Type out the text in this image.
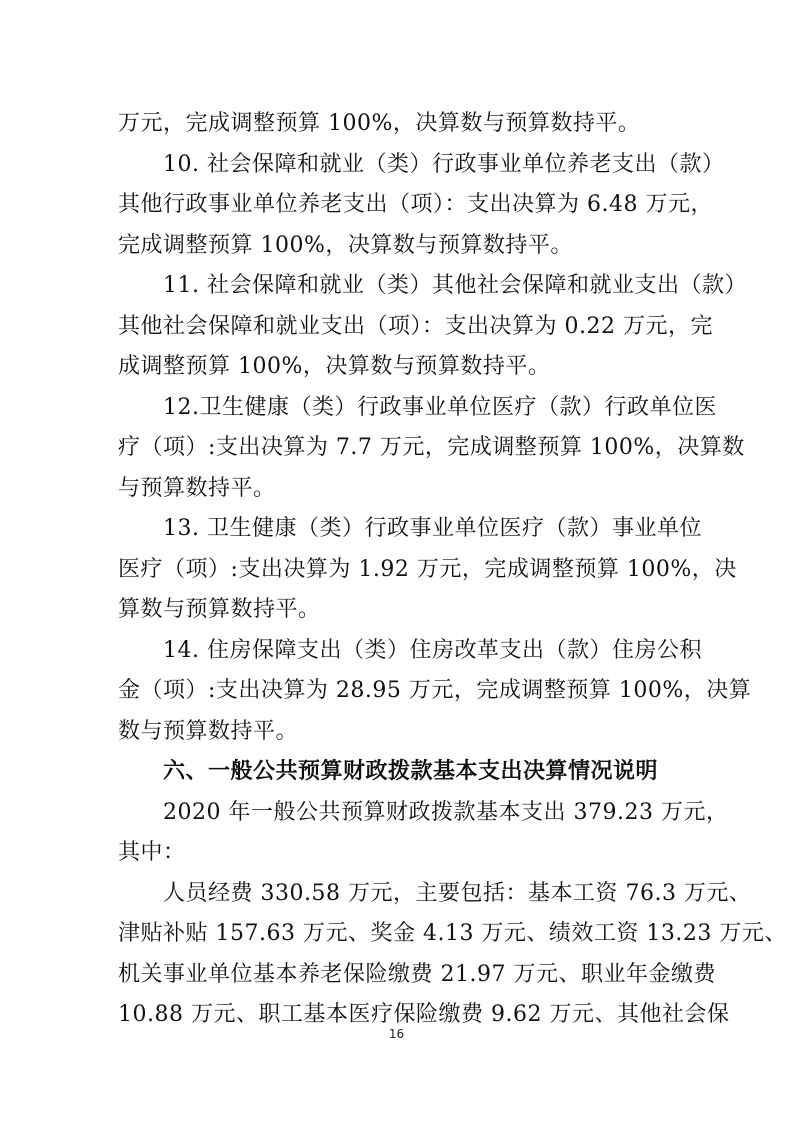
万元，完成调整预算 100%，决算数与预算数持平。
10. 社会保障和就业（类）行政事业单位养老支出（款）
其他行政事业单位养老支出（项）：支出决算为 6.48 万元，
完成调整预算 100%，决算数与预算数持平。
11. 社会保障和就业（类）其他社会保障和就业支出（款）
其他社会保障和就业支出（项）：支出决算为 0.22 万元，完
成调整预算 100%，决算数与预算数持平。
12.卫生健康（类）行政事业单位医疗（款）行政单位医
疗（项）:支出决算为 7.7 万元，完成调整预算 100%，决算数
与预算数持平。
13. 卫生健康（类）行政事业单位医疗（款）事业单位
医疗（项）:支出决算为 1.92 万元，完成调整预算 100%，决
算数与预算数持平。
14. 住房保障支出（类）住房改革支出（款）住房公积
金（项）:支出决算为 28.95 万元，完成调整预算 100%，决算
数与预算数持平。
六、一般公共预算财政拨款基本支出决算情况说明
2020 年一般公共预算财政拨款基本支出 379.23 万元，
其中：
人员经费 330.58 万元，主要包括：基本工资 76.3 万元、
津贴补贴 157.63 万元、奖金 4.13 万元、绩效工资 13.23 万元、
16
机关事业单位基本养老保险缴费 21.97 万元、职业年金缴费
10.88 万元、职工基本医疗保险缴费 9.62 万元、其他社会保
